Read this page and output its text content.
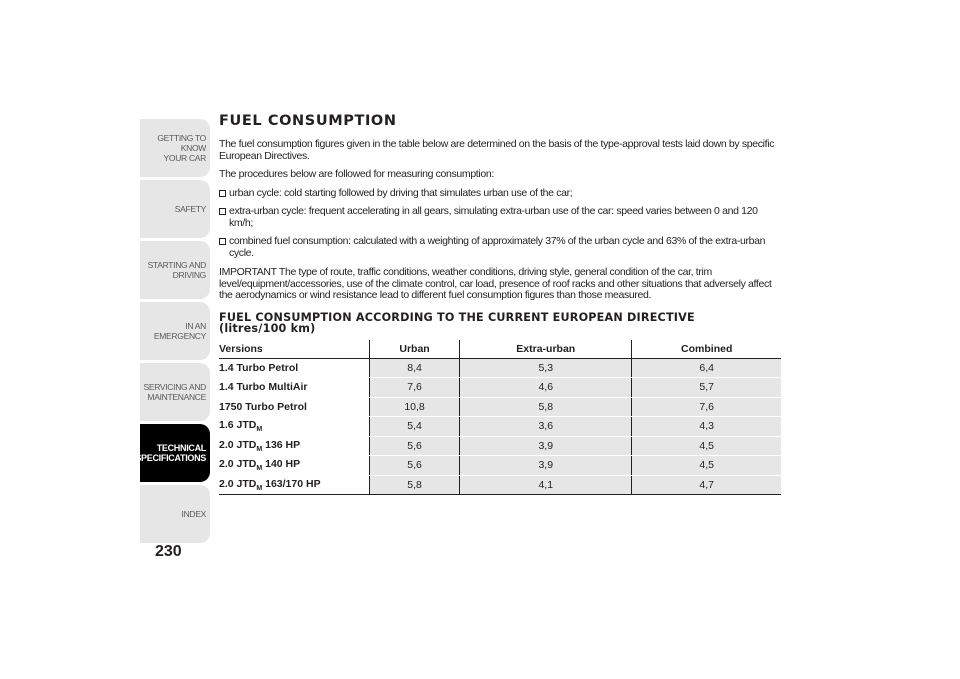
GETTING TO KNOW
YOUR CAR
SAFETY
STARTING AND
DRIVING
IN AN EMERGENCY
SERVICING AND
MAINTENANCE
TECHNICAL
SPECIFICATIONS
INDEX
230
FUEL CONSUMPTION

The fuel consumption figures given in the table below are determined on the basis of the type-approval tests laid down by specific European Directives.

The procedures below are followed for measuring consumption:

urban cycle: cold starting followed by driving that simulates urban use of the car;
extra-urban cycle: frequent accelerating in all gears, simulating extra-urban use of the car: speed varies between 0 and 120 km/h;
combined fuel consumption: calculated with a weighting of approximately 37% of the urban cycle and 63% of the extra-urban cycle.

IMPORTANT The type of route, traffic conditions, weather conditions, driving style, general condition of the car, trim level/equipment/accessories, use of the climate control, car load, presence of roof racks and other situations that adversely affect the aerodynamics or wind resistance lead to different fuel consumption figures than those measured.

FUEL CONSUMPTION ACCORDING TO THE CURRENT EUROPEAN DIRECTIVE
(litres/100 km)
Versions	Urban	Extra-urban	Combined
1.4 Turbo Petrol	8,4	5,3	6,4
1.4 Turbo MultiAir	7,6	4,6	5,7
1750 Turbo Petrol	10,8	5,8	7,6
1.6 $JTD_M$	5,4	3,6	4,3
2.0 $JTD_M$ 136 HP	5,6	3,9	4,5
2.0 $JTD_M$ 140 HP	5,6	3,9	4,5
2.0 $JTD_M$ 163/170 HP	5,8	4,1	4,7
